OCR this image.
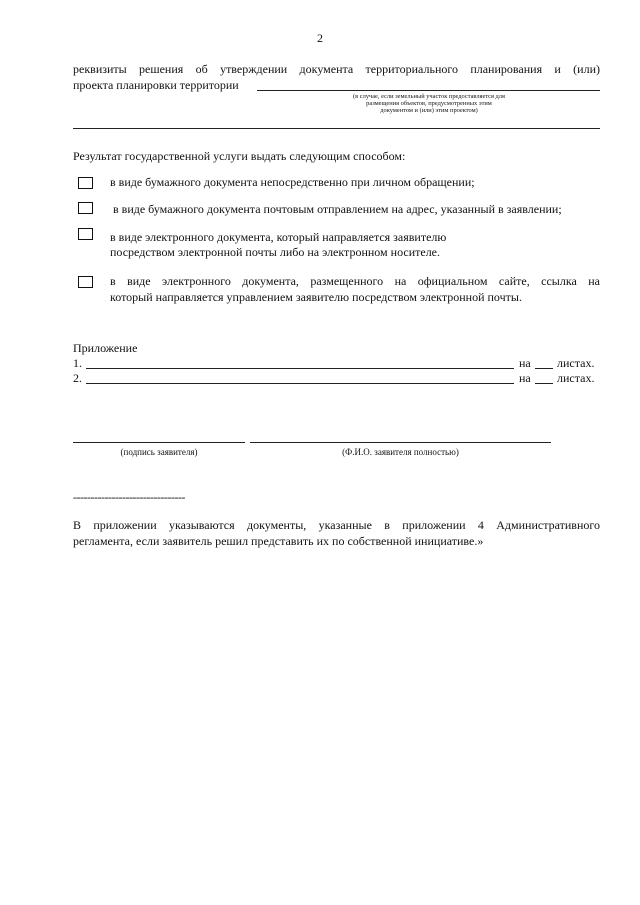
2
реквизиты решения об утверждении документа территориального планирования и (или)
проекта планировки территории
(в случае, если земельный участок предоставляется для
размещения объектов, предусмотренных этим
документом и (или) этим проектом)
Результат государственной услуги выдать следующим способом:
в виде бумажного документа непосредственно при личном обращении;
в виде бумажного документа почтовым отправлением на адрес, указанный в заявлении;
в виде электронного документа, который направляется заявителю
посредством электронной почты либо на электронном носителе.
в виде электронного документа, размещенного на официальном сайте, ссылка на
который направляется управлением заявителю посредством электронной почты.
Приложение
1.	на листах.
2.	на листах.
(подпись заявителя)	(Ф.И.О. заявителя полностью)
--------------------------------
В приложении указываются документы, указанные в приложении 4 Административного
регламента, если заявитель решил представить их по собственной инициативе.»
